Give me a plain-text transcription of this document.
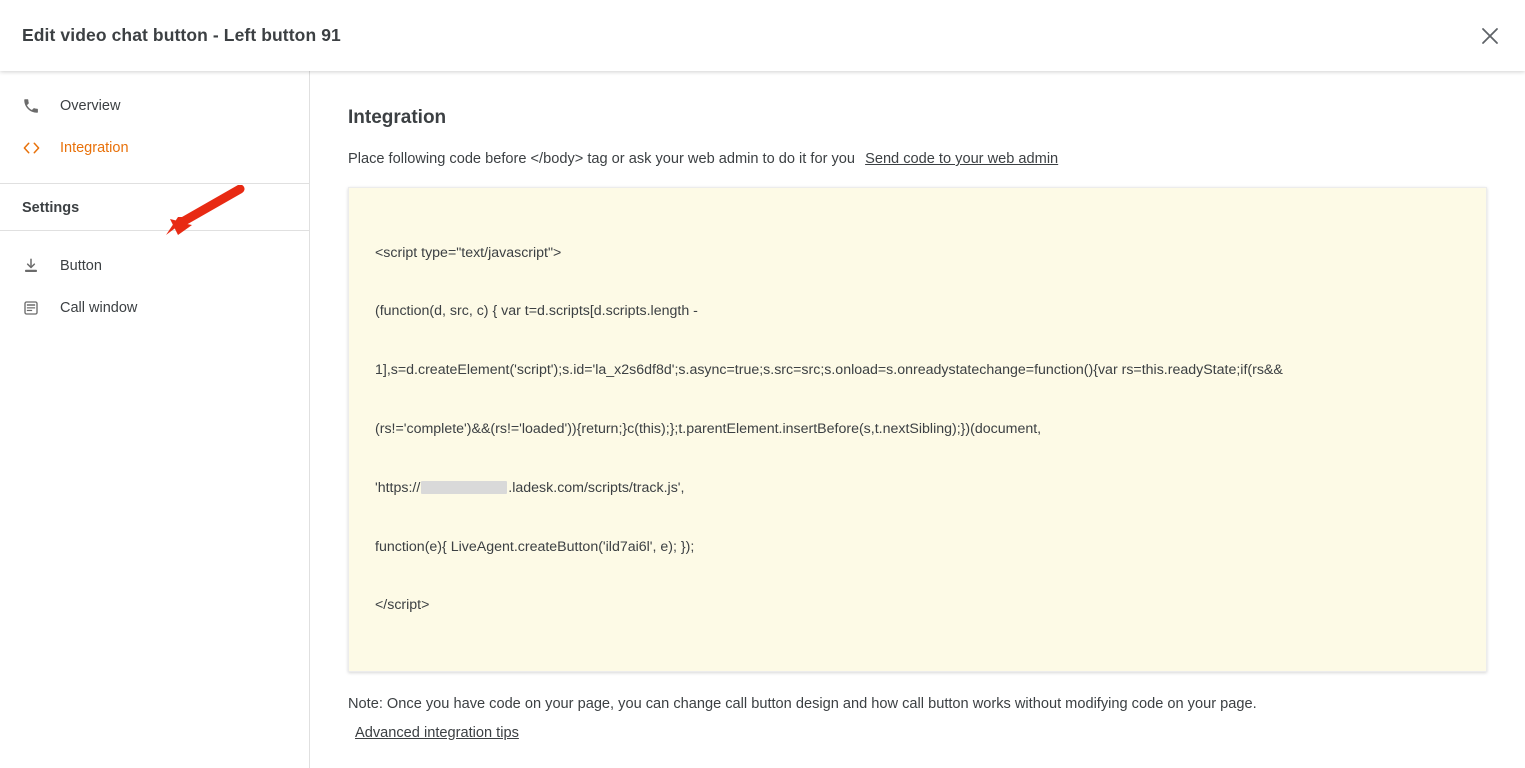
Edit video chat button - Left button 91
Overview
Integration
Settings
Button
Call window
Integration
Place following code before </body> tag or ask your web admin to do it for you Send code to your web admin

<script type="text/javascript">

(function(d, src, c) { var t=d.scripts[d.scripts.length -

1],s=d.createElement('script');s.id='la_x2s6df8d';s.async=true;s.src=src;s.onload=s.onreadystatechange=function(){var rs=this.readyState;if(rs&&

(rs!='complete')&&(rs!='loaded')){return;}c(this);};t.parentElement.insertBefore(s,t.nextSibling);})(document,

'https://	.ladesk.com/scripts/track.js',

function(e){ LiveAgent.createButton('ild7ai6l', e); });

</script>

Note: Once you have code on your page, you can change call button design and how call button works without modifying code on your page.
Advanced integration tips
